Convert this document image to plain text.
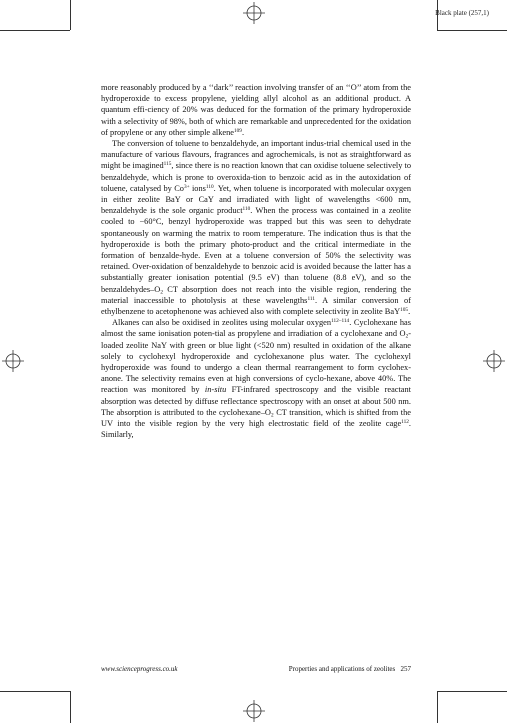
Black plate (257,1)

more reasonably produced by a ‘‘dark’’ reaction involving transfer of an ‘‘O’’ atom from the hydroperoxide to excess propylene, yielding allyl alcohol as an additional product. A quantum effi-ciency of 20% was deduced for the formation of the primary hydroperoxide with a selectivity of 98%, both of which are remarkable and unprecedented for the oxidation of propylene or any other simple alkene$^{109}$.

The conversion of toluene to benzaldehyde, an important indus-trial chemical used in the manufacture of various flavours, fragrances and agrochemicals, is not as straightforward as might be imagined$^{115}$, since there is no reaction known that can oxidise toluene selectively to benzaldehyde, which is prone to overoxida-tion to benzoic acid as in the autoxidation of toluene, catalysed by $Co^{3+}$ ions$^{110}$. Yet, when toluene is incorporated with molecular oxygen in either zeolite BaY or CaY and irradiated with light of wavelengths <600 nm, benzaldehyde is the sole organic product$^{110}$. When the process was contained in a zeolite cooled to −60°C, benzyl hydroperoxide was trapped but this was seen to dehydrate spontaneously on warming the matrix to room temperature. The indication thus is that the hydroperoxide is both the primary photo-product and the critical intermediate in the formation of benzalde-hyde. Even at a toluene conversion of 50% the selectivity was retained. Over-oxidation of benzaldehyde to benzoic acid is avoided because the latter has a substantially greater ionisation potential (9.5 eV) than toluene (8.8 eV), and so the benzaldehydes–$O_2$ CT absorption does not reach into the visible region, rendering the material inaccessible to photolysis at these wavelengths$^{111}$. A similar conversion of ethylbenzene to acetophenone was achieved also with complete selectivity in zeolite BaY$^{105}$.

Alkanes can also be oxidised in zeolites using molecular oxygen$^{112-114}$. Cyclohexane has almost the same ionisation poten-tial as propylene and irradiation of a cyclohexane and $O_2$-loaded zeolite NaY with green or blue light (<520 nm) resulted in oxidation of the alkane solely to cyclohexyl hydroperoxide and cyclohexanone plus water. The cyclohexyl hydroperoxide was found to undergo a clean thermal rearrangement to form cyclohex-anone. The selectivity remains even at high conversions of cyclo-hexane, above 40%. The reaction was monitored by in-situ FT-infrared spectroscopy and the visible reactant absorption was detected by diffuse reflectance spectroscopy with an onset at about 500 nm. The absorption is attributed to the cyclohexane–$O_2$ CT transition, which is shifted from the UV into the visible region by the very high electrostatic field of the zeolite cage$^{112}$. Similarly,

www.scienceprogress.co.uk	Properties and applications of zeolites 257
